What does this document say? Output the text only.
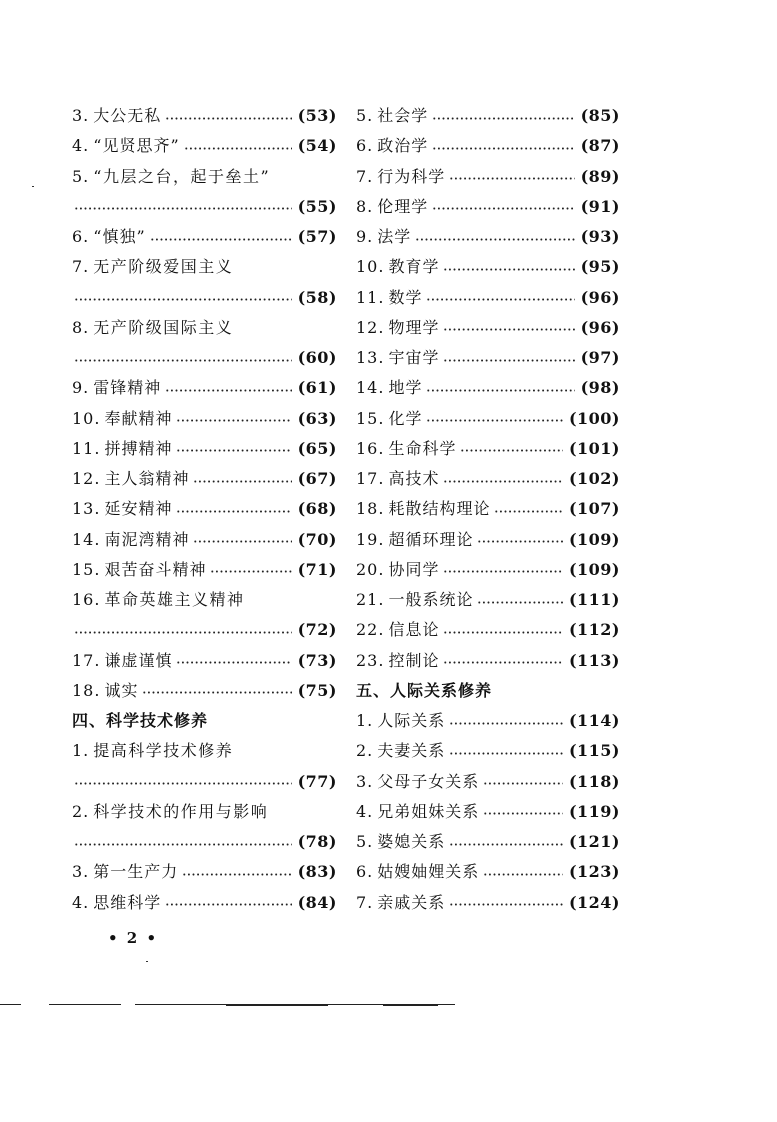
3. 大公无私	(53)
4. “见贤思齐”	(54)
5. “九层之台，起于垒土”
(55)
6. “慎独”	(57)
7. 无产阶级爱国主义
(58)
8. 无产阶级国际主义
(60)
9. 雷锋精神	(61)
10. 奉献精神	(63)
11. 拼搏精神	(65)
12. 主人翁精神	(67)
13. 延安精神	(68)
14. 南泥湾精神	(70)
15. 艰苦奋斗精神	(71)
16. 革命英雄主义精神
(72)
17. 谦虚谨慎	(73)
18. 诚实	(75)
四、科学技术修养
1. 提高科学技术修养
(77)
2. 科学技术的作用与影响
(78)
3. 第一生产力	(83)
4. 思维科学	(84)
5. 社会学	(85)
6. 政治学	(87)
7. 行为科学	(89)
8. 伦理学	(91)
9. 法学	(93)
10. 教育学	(95)
11. 数学	(96)
12. 物理学	(96)
13. 宇宙学	(97)
14. 地学	(98)
15. 化学	(100)
16. 生命科学	(101)
17. 高技术	(102)
18. 耗散结构理论	(107)
19. 超循环理论	(109)
20. 协同学	(109)
21. 一般系统论	(111)
22. 信息论	(112)
23. 控制论	(113)
五、人际关系修养
1. 人际关系	(114)
2. 夫妻关系	(115)
3. 父母子女关系	(118)
4. 兄弟姐妹关系	(119)
5. 婆媳关系	(121)
6. 姑嫂妯娌关系	(123)
7. 亲戚关系	(124)
• 2 •
